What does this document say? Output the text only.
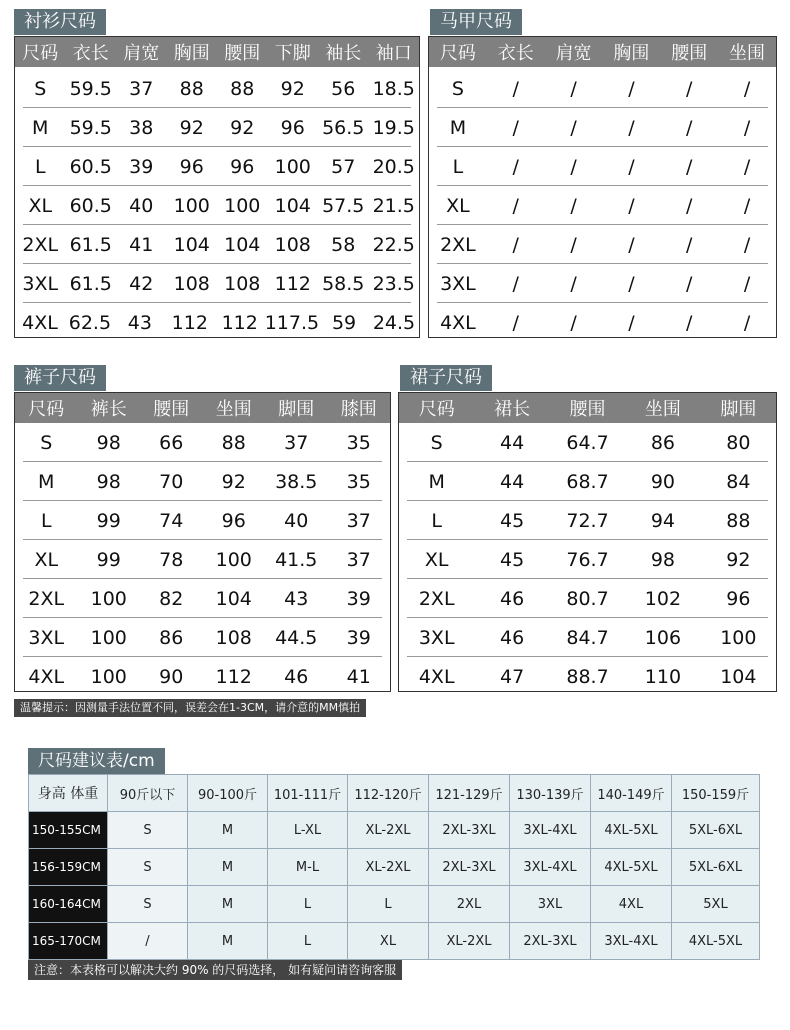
衬衫尺码
尺码 衣长 肩宽 胸围 腰围 下脚 袖长 袖口
S	59.5 37	88	88	92	56 18.5
M	59.5 38	92	92	96 56.5 19.5
L	60.5 39	96	96	100	57 20.5
XL 60.5 40	100 100 104 57.5 21.5
2XL 61.5 41	104 104 108	58 22.5
3XL 61.5 42	108 108 112 58.5 23.5
4XL 62.5 43	112 112 117.5 59 24.5
马甲尺码
尺码	衣长	肩宽	胸围	腰围	坐围
S	/	/	/	/	/
M	/	/	/	/	/
L	/	/	/	/	/
XL	/	/	/	/	/
2XL	/	/	/	/	/
3XL	/	/	/	/	/
4XL	/	/	/	/	/
裤子尺码
尺码	裤长	腰围	坐围	脚围	膝围
S	98	66	88	37	35
M	98	70	92	38.5	35
L	99	74	96	40	37
XL	99	78	100	41.5	37
2XL	100	82	104	43	39
3XL	100	86	108	44.5	39
4XL	100	90	112	46	41
裙子尺码
尺码	裙长	腰围	坐围	脚围
S	44	64.7	86	80
M	44	68.7	90	84
L	45	72.7	94	88
XL	45	76.7	98	92
2XL	46	80.7	102	96
3XL	46	84.7	106	100
4XL	47	88.7	110	104
温馨提示：因测量手法位置不同，误差会在1-3CM，请介意的MM慎拍
尺码建议表/cm
身高 体重	90斤以下	90-100斤	101-111斤	112-120斤	121-129斤	130-139斤	140-149斤	150-159斤
150-155CM	S	M	L-XL	XL-2XL	2XL-3XL	3XL-4XL	4XL-5XL	5XL-6XL
156-159CM	S	M	M-L	XL-2XL	2XL-3XL	3XL-4XL	4XL-5XL	5XL-6XL
160-164CM	S	M	L	L	2XL	3XL	4XL	5XL
165-170CM	/	M	L	XL	XL-2XL	2XL-3XL	3XL-4XL	4XL-5XL
注意：本表格可以解决大约 90% 的尺码选择， 如有疑问请咨询客服
